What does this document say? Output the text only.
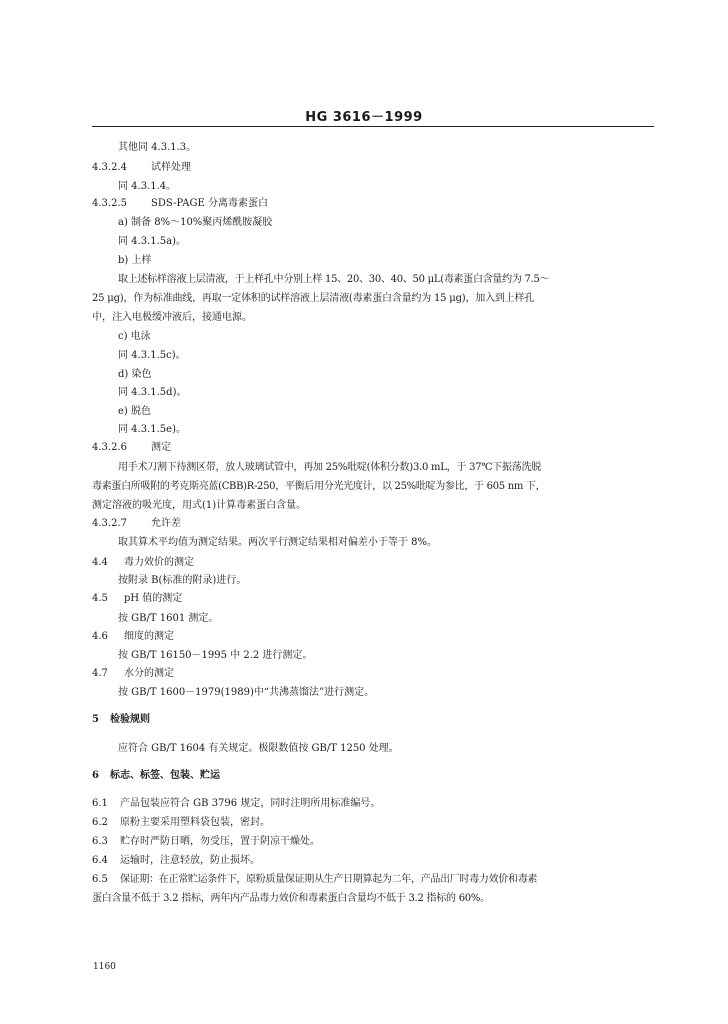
HG 3616－1999
其他同 4.3.1.3。
4.3.2.4 试样处理
同 4.3.1.4。
4.3.2.5 SDS-PAGE 分离毒素蛋白
a) 制备 8%～10%聚丙烯酰胺凝胶
同 4.3.1.5a)。
b) 上样
取上述标样溶液上层清液，于上样孔中分别上样 15、20、30、40、50 μL(毒素蛋白含量约为 7.5～
25 μg)，作为标准曲线，再取一定体积的试样溶液上层清液(毒素蛋白含量约为 15 μg)，加入到上样孔
中，注入电极缓冲液后，接通电源。
c) 电泳
同 4.3.1.5c)。
d) 染色
同 4.3.1.5d)。
e) 脱色
同 4.3.1.5e)。
4.3.2.6 测定
用手术刀割下待测区带，放人玻璃试管中，再加 25%吡啶(体积分数)3.0 mL，于 37℃下振荡洗脱
毒素蛋白所吸附的考克斯亮蓝(CBB)R-250，平衡后用分光光度计，以 25%吡啶为参比，于 605 nm 下，
测定溶液的吸光度，用式(1)计算毒素蛋白含量。
4.3.2.7 允许差
取其算术平均值为测定结果。两次平行测定结果相对偏差小于等于 8%。
4.4 毒力效价的测定
按附录 B(标准的附录)进行。
4.5 pH 值的测定
按 GB/T 1601 测定。
4.6 细度的测定
按 GB/T 16150－1995 中 2.2 进行测定。
4.7 水分的测定
按 GB/T 1600－1979(1989)中“共沸蒸馏法”进行测定。
5 检验规则
应符合 GB/T 1604 有关规定。极限数值按 GB/T 1250 处理。
6 标志、标签、包装、贮运
6.1 产品包装应符合 GB 3796 规定，同时注明所用标准编号。
6.2 原粉主要采用塑料袋包装，密封。
6.3 贮存时严防日晒，勿受压，置于阴凉干燥处。
6.4 运输时，注意轻放，防止损坏。
6.5 保证期：在正常贮运条件下，原粉质量保证期从生产日期算起为二年，产品出厂时毒力效价和毒素
蛋白含量不低于 3.2 指标，两年内产品毒力效价和毒素蛋白含量均不低于 3.2 指标的 60%。
1160
